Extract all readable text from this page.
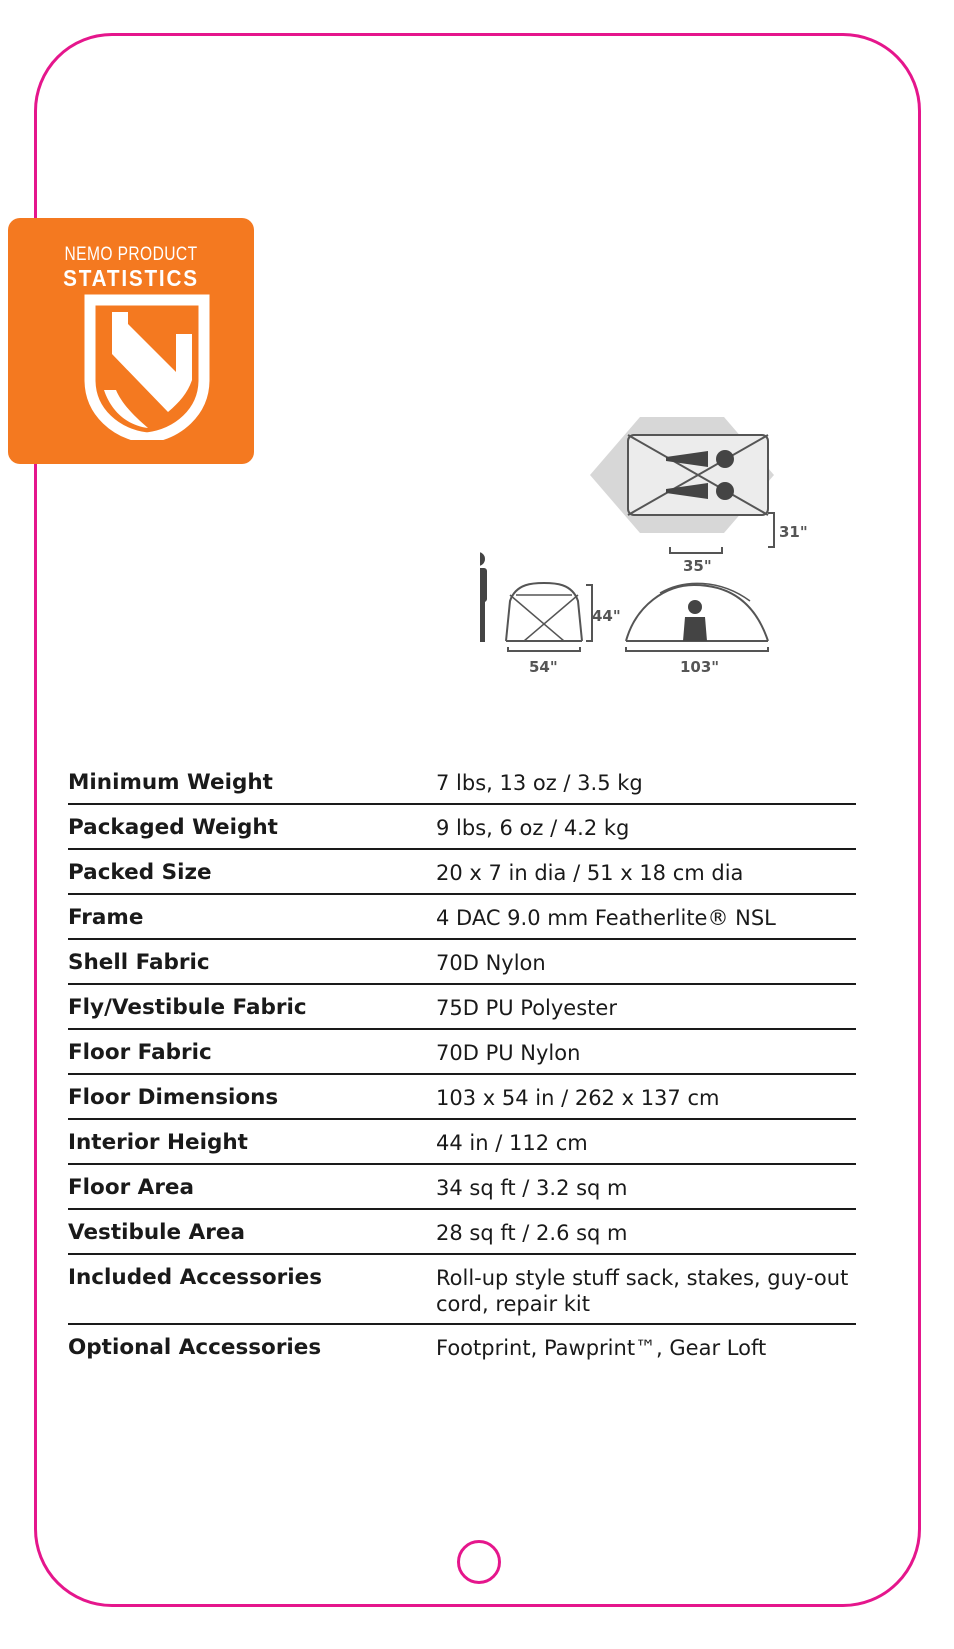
NEMO PRODUCT
STATISTICS
31"
35"
54"
44"
103"
Minimum Weight	7 lbs, 13 oz / 3.5 kg
Packaged Weight	9 lbs, 6 oz / 4.2 kg
Packed Size	20 x 7 in dia / 51 x 18 cm dia
Frame	4 DAC 9.0 mm Featherlite® NSL
Shell Fabric	70D Nylon
Fly/Vestibule Fabric	75D PU Polyester
Floor Fabric	70D PU Nylon
Floor Dimensions	103 x 54 in / 262 x 137 cm
Interior Height	44 in / 112 cm
Floor Area	34 sq ft / 3.2 sq m
Vestibule Area	28 sq ft / 2.6 sq m
Included Accessories	Roll-up style stuff sack, stakes, guy-out cord, repair kit
Optional Accessories	Footprint, Pawprint™, Gear Loft
